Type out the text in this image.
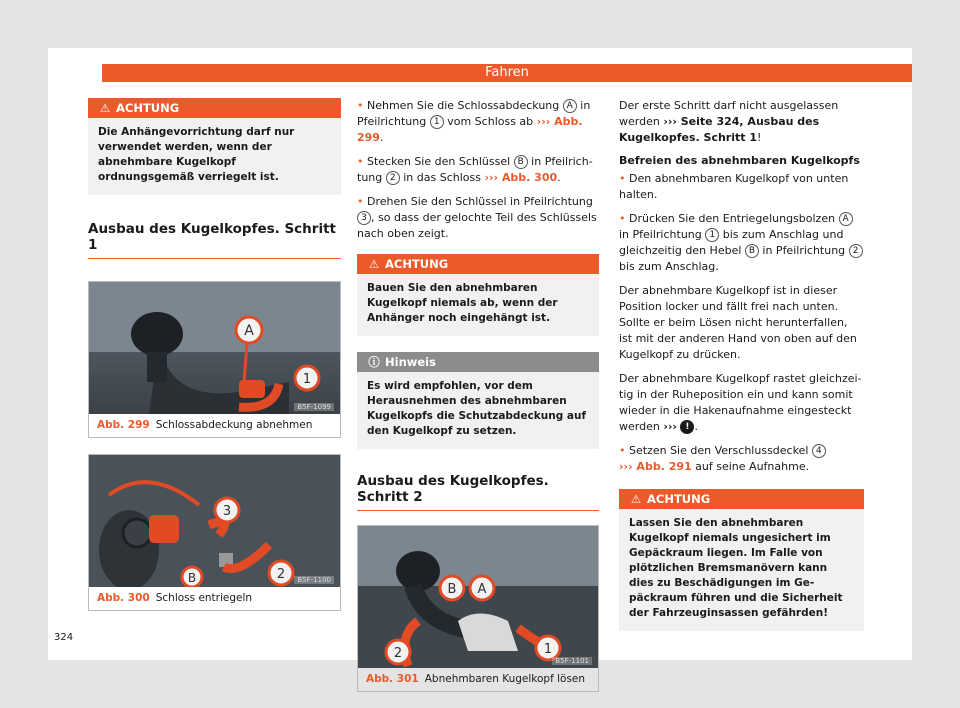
Fahren
⚠ ACHTUNG
Die Anhängevorrichtung darf nur verwendet werden, wenn der abnehmbare Kugelkopf ordnungsgemäß verriegelt ist.
Ausbau des Kugelkopfes. Schritt 1
A
1
B5F-1099
Abb. 299 Schlossabdeckung abnehmen
3
2
B	B5F-1100
Abb. 300 Schloss entriegeln

• Nehmen Sie die Schlossabdeckung A in Pfeilrichtung 1 vom Schloss ab ››› Abb. 299.

• Stecken Sie den Schlüssel B in Pfeilrichtung 2 in das Schloss ››› Abb. 300.

• Drehen Sie den Schlüssel in Pfeilrichtung 3 , so dass der gelochte Teil des Schlüssels nach oben zeigt.

⚠ ACHTUNG
Bauen Sie den abnehmbaren Kugelkopf niemals ab, wenn der Anhänger noch eingehängt ist.
ⓘ Hinweis
Es wird empfohlen, vor dem Herausnehmen des abnehmbaren Kugelkopfs die Schutzabdeckung auf den Kugelkopf zu setzen.
Ausbau des Kugelkopfes. Schritt 2
B A
1
2	B5F-1101
Abb. 301 Abnehmbaren Kugelkopf lösen

Der erste Schritt darf nicht ausgelassen werden ››› Seite 324, Ausbau des Kugelkopfes. Schritt 1!

Befreien des abnehmbaren Kugelkopfs

• Den abnehmbaren Kugelkopf von unten halten.

• Drücken Sie den Entriegelungsbolzen A in Pfeilrichtung 1 bis zum Anschlag und gleichzeitig den Hebel B in Pfeilrichtung 2 bis zum Anschlag.

Der abnehmbare Kugelkopf ist in dieser Position locker und fällt frei nach unten. Sollte er beim Lösen nicht herunterfallen, ist mit der anderen Hand von oben auf den Kugelkopf zu drücken.

Der abnehmbare Kugelkopf rastet gleichzeitig in der Ruheposition ein und kann somit wieder in die Hakenaufnahme eingesteckt werden ››› ! .

• Setzen Sie den Verschlussdeckel 4
››› Abb. 291 auf seine Aufnahme.

⚠ ACHTUNG
Lassen Sie den abnehmbaren Kugelkopf niemals ungesichert im Gepäckraum liegen. Im Falle von plötzlichen Bremsmanövern kann dies zu Beschädigungen im Gepäckraum führen und die Sicherheit der Fahrzeuginsassen gefährden!
324
